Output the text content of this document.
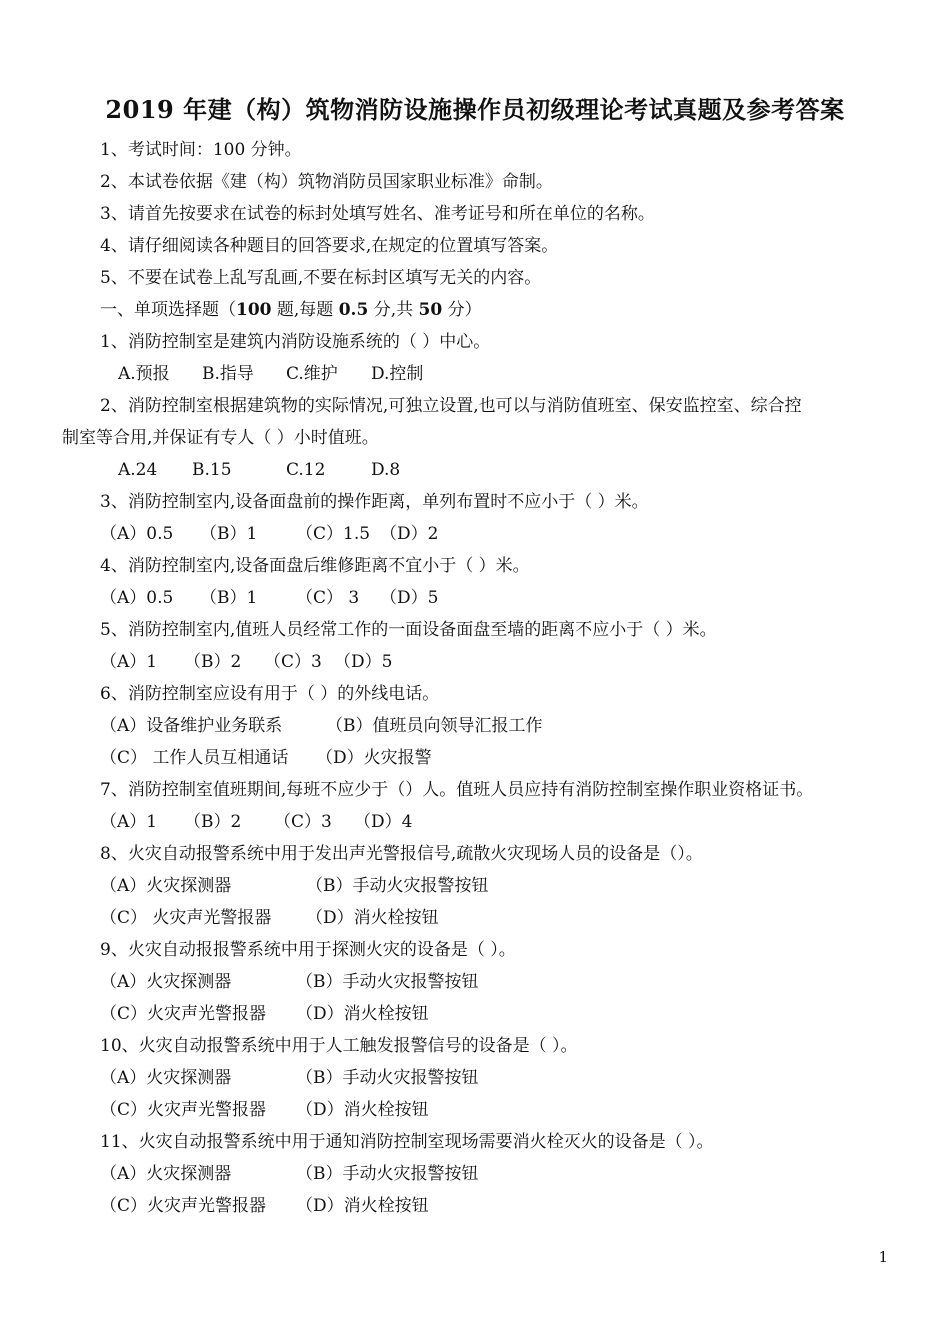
2019 年建（构）筑物消防设施操作员初级理论考试真题及参考答案
1、考试时间：100 分钟。
2、本试卷依据《建（构）筑物消防员国家职业标准》命制。
3、请首先按要求在试卷的标封处填写姓名、准考证号和所在单位的名称。
4、请仔细阅读各种题目的回答要求,在规定的位置填写答案。
5、不要在试卷上乱写乱画,不要在标封区填写无关的内容。
一、单项选择题（100 题,每题 0.5 分,共 50 分）
1、消防控制室是建筑内消防设施系统的（ ）中心。
A.预报 B.指导 C.维护 D.控制
2、消防控制室根据建筑物的实际情况,可独立设置,也可以与消防值班室、保安监控室、综合控
制室等合用,并保证有专人（ ）小时值班。
A.24 B.15	C.12	D.8
3、消防控制室内,设备面盘前的操作距离，单列布置时不应小于（ ）米。
（A）0.5 （B）1 （C）1.5 （D）2
4、消防控制室内,设备面盘后维修距离不宜小于（ ）米。
（A）0.5 （B）1 （C） 3 （D）5
5、消防控制室内,值班人员经常工作的一面设备面盘至墙的距离不应小于（ ）米。
（A）1 （B）2 （C）3 （D）5
6、消防控制室应设有用于（ ）的外线电话。
（A）设备维护业务联系	（B）值班员向领导汇报工作
（C） 工作人员互相通话 （D）火灾报警
7、消防控制室值班期间,每班不应少于（）人。值班人员应持有消防控制室操作职业资格证书。
（A）1 （B）2 （C）3 （D）4
8、火灾自动报警系统中用于发出声光警报信号,疏散火灾现场人员的设备是（）。
（A）火灾探测器	（B）手动火灾报警按钮
（C） 火灾声光警报器 （D）消火栓按钮
9、火灾自动报报警系统中用于探测火灾的设备是（ ）。
（A）火灾探测器	（B）手动火灾报警按钮
（C）火灾声光警报器 （D）消火栓按钮
10、火灾自动报警系统中用于人工触发报警信号的设备是（ ）。
（A）火灾探测器	（B）手动火灾报警按钮
（C）火灾声光警报器 （D）消火栓按钮
11、火灾自动报警系统中用于通知消防控制室现场需要消火栓灭火的设备是（ ）。
（A）火灾探测器	（B）手动火灾报警按钮
（C）火灾声光警报器 （D）消火栓按钮
1
